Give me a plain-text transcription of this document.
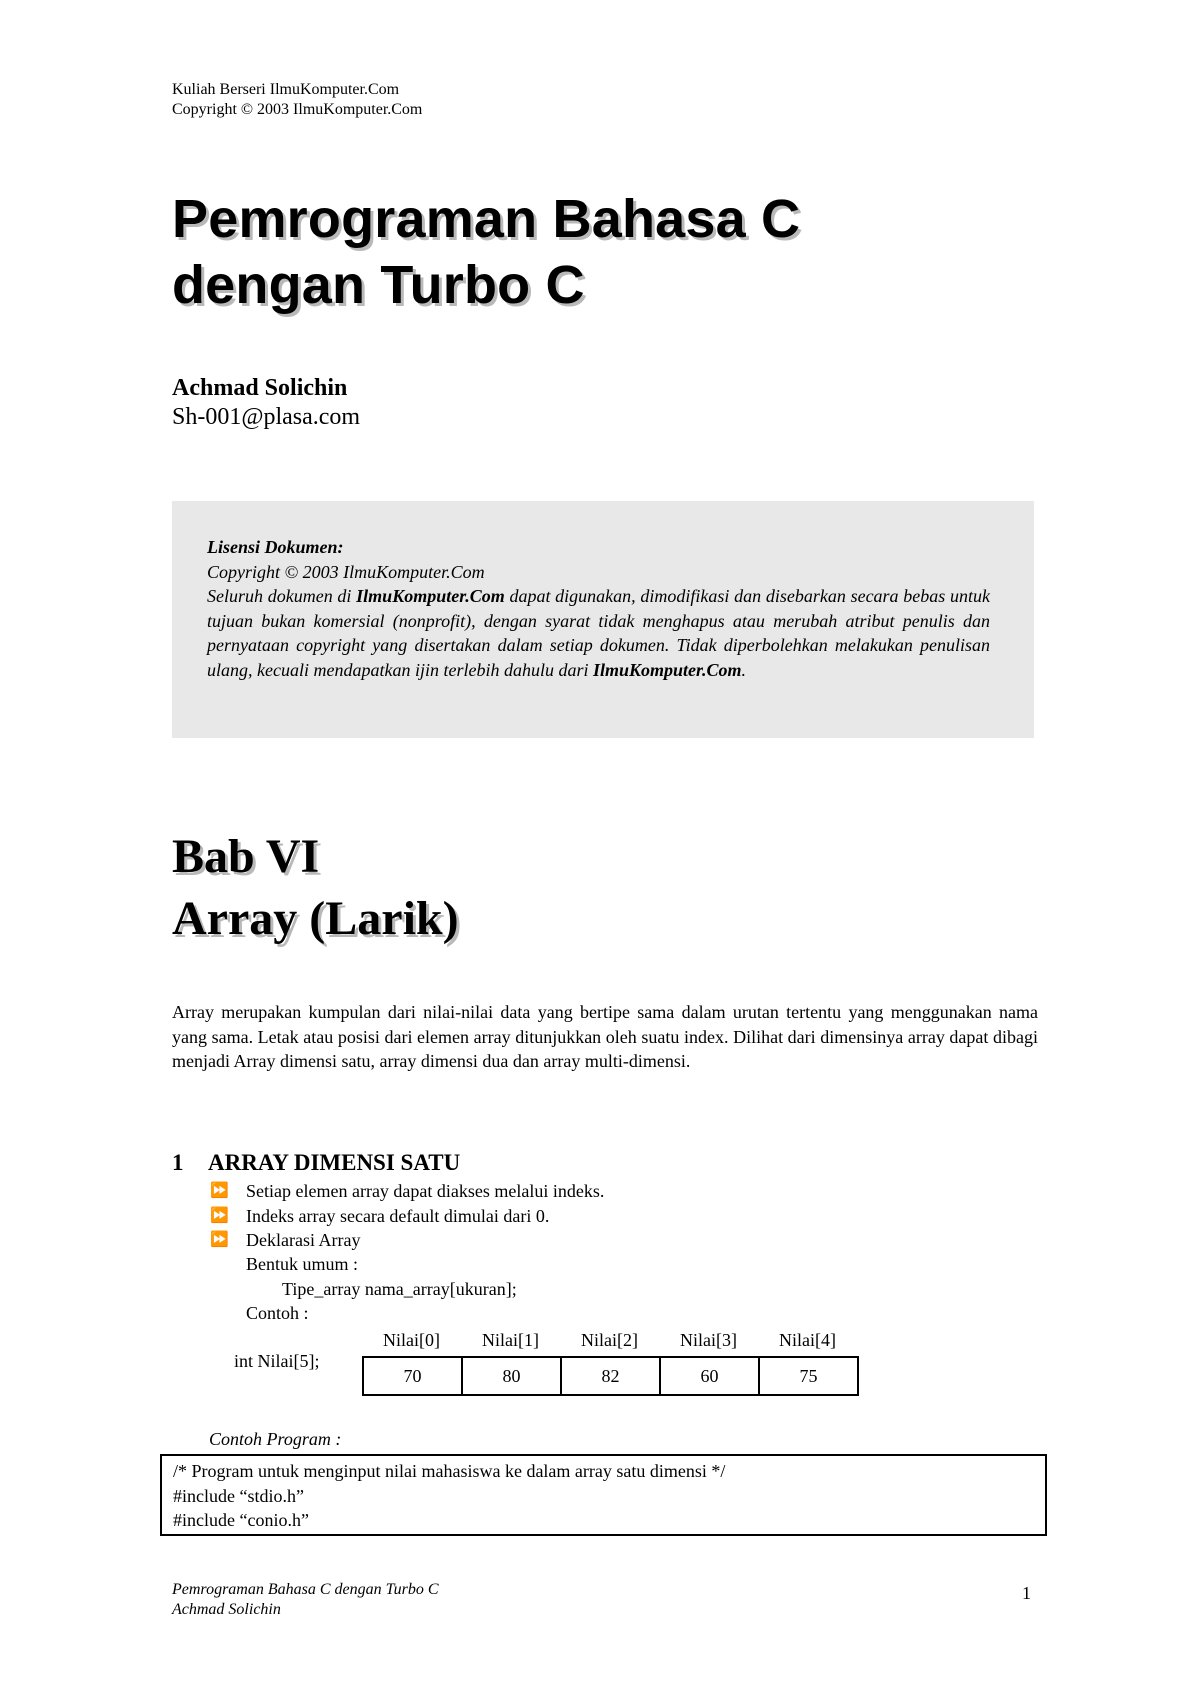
Kuliah Berseri IlmuKomputer.Com
Copyright © 2003 IlmuKomputer.Com
Pemrograman Bahasa C
dengan Turbo C
Achmad Solichin
Sh-001@plasa.com
Lisensi Dokumen:
Copyright © 2003 IlmuKomputer.Com
Seluruh dokumen di IlmuKomputer.Com dapat digunakan, dimodifikasi dan disebarkan secara bebas untuk tujuan bukan komersial (nonprofit), dengan syarat tidak menghapus atau merubah atribut penulis dan pernyataan copyright yang disertakan dalam setiap dokumen. Tidak diperbolehkan melakukan penulisan ulang, kecuali mendapatkan ijin terlebih dahulu dari IlmuKomputer.Com.
Bab VI
Array (Larik)

Array merupakan kumpulan dari nilai-nilai data yang bertipe sama dalam urutan tertentu yang menggunakan nama yang sama. Letak atau posisi dari elemen array ditunjukkan oleh suatu index. Dilihat dari dimensinya array dapat dibagi menjadi Array dimensi satu, array dimensi dua dan array multi-dimensi.

1 ARRAY DIMENSI SATU
⏩ Setiap elemen array dapat diakses melalui indeks.
⏩ Indeks array secara default dimulai dari 0.
⏩ Deklarasi Array
Bentuk umum :
Tipe_array nama_array[ukuran];
Contoh :
int Nilai[5];
Nilai[0]	Nilai[1]	Nilai[2]	Nilai[3]	Nilai[4]
70	80	82	60	75
Contoh Program :
/* Program untuk menginput nilai mahasiswa ke dalam array satu dimensi */
#include “stdio.h”
#include “conio.h”
Pemrograman Bahasa C dengan Turbo C
Achmad Solichin
1
